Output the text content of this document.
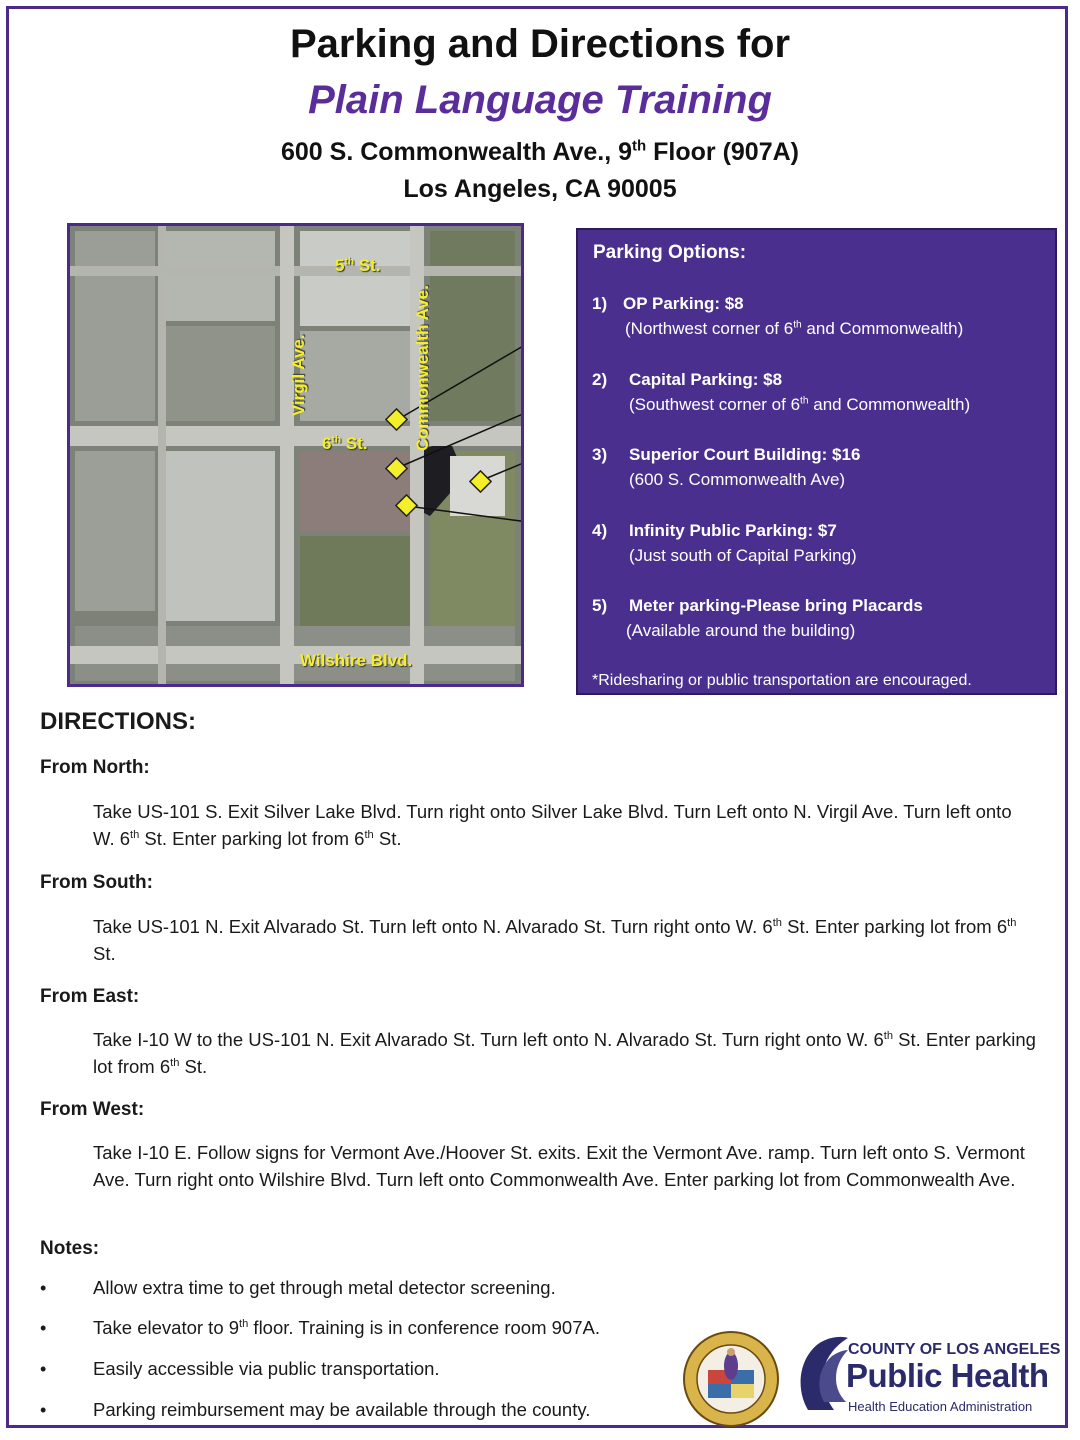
Parking and Directions for
Plain Language Training
600 S. Commonwealth Ave., 9th Floor (907A)
Los Angeles, CA 90005
5th St.
6th St.
Virgil Ave.	Commonwealth Ave.
Wilshire Blvd.
Parking Options:
1) OP Parking: $8
(Northwest corner of 6th and Commonwealth)
2) Capital Parking: $8
(Southwest corner of 6th and Commonwealth)
3) Superior Court Building: $16
(600 S. Commonwealth Ave)
4) Infinity Public Parking: $7
(Just south of Capital Parking)
5) Meter parking-Please bring Placards
(Available around the building)
*Ridesharing or public transportation are encouraged.
DIRECTIONS:
From North:
Take US-101 S. Exit Silver Lake Blvd. Turn right onto Silver Lake Blvd. Turn Left onto N. Virgil Ave. Turn left onto W. 6th St. Enter parking lot from 6th St.
From South:
Take US-101 N. Exit Alvarado St. Turn left onto N. Alvarado St. Turn right onto W. 6th St. Enter parking lot from 6th St.
From East:
Take I-10 W to the US-101 N. Exit Alvarado St. Turn left onto N. Alvarado St. Turn right onto W. 6th St. Enter parking lot from 6th St.
From West:
Take I-10 E. Follow signs for Vermont Ave./Hoover St. exits. Exit the Vermont Ave. ramp. Turn left onto S. Vermont Ave. Turn right onto Wilshire Blvd. Turn left onto Commonwealth Ave. Enter parking lot from Commonwealth Ave.
Notes:
•	Allow extra time to get through metal detector screening.
•	Take elevator to 9th floor. Training is in conference room 907A.
•	Easily accessible via public transportation.
•	Parking reimbursement may be available through the county.
COUNTY OF LOS ANGELES
Public Health
Health Education Administration
